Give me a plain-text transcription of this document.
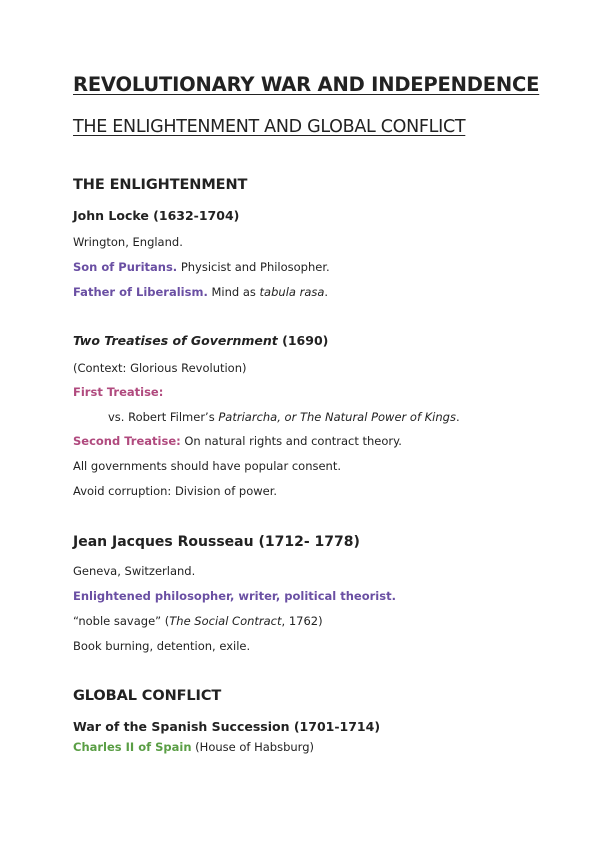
REVOLUTIONARY WAR AND INDEPENDENCE
THE ENLIGHTENMENT AND GLOBAL CONFLICT
THE ENLIGHTENMENT
John Locke (1632-1704)
Wrington, England.
Son of Puritans. Physicist and Philosopher.
Father of Liberalism. Mind as tabula rasa.
Two Treatises of Government (1690)
(Context: Glorious Revolution)
First Treatise:
vs. Robert Filmer’s Patriarcha, or The Natural Power of Kings.
Second Treatise: On natural rights and contract theory.
All governments should have popular consent.
Avoid corruption: Division of power.
Jean Jacques Rousseau (1712- 1778)
Geneva, Switzerland.
Enlightened philosopher, writer, political theorist.
“noble savage” (The Social Contract, 1762)
Book burning, detention, exile.
GLOBAL CONFLICT
War of the Spanish Succession (1701-1714)
Charles II of Spain (House of Habsburg)
